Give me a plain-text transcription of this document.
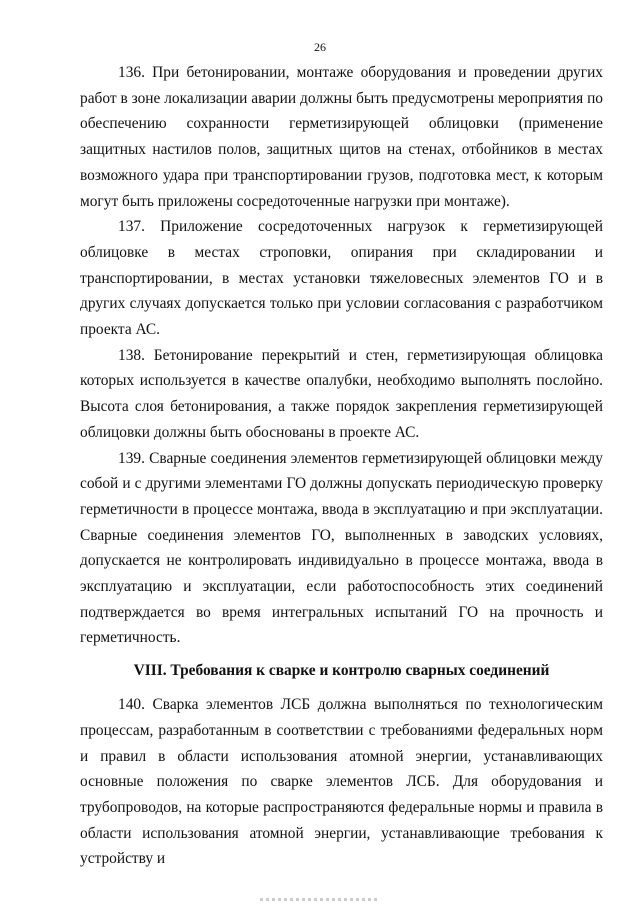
26

136. При бетонировании, монтаже оборудования и проведении других работ в зоне локализации аварии должны быть предусмотрены мероприятия по обеспечению сохранности герметизирующей облицовки (применение защитных настилов полов, защитных щитов на стенах, отбойников в местах возможного удара при транспортировании грузов, подготовка мест, к которым могут быть приложены сосредоточенные нагрузки при монтаже).

137. Приложение сосредоточенных нагрузок к герметизирующей облицовке в местах строповки, опирания при складировании и транспортировании, в местах установки тяжеловесных элементов ГО и в других случаях допускается только при условии согласования с разработчиком проекта АС.

138. Бетонирование перекрытий и стен, герметизирующая облицовка которых используется в качестве опалубки, необходимо выполнять послойно. Высота слоя бетонирования, а также порядок закрепления герметизирующей облицовки должны быть обоснованы в проекте АС.

139. Сварные соединения элементов герметизирующей облицовки между собой и с другими элементами ГО должны допускать периодическую проверку герметичности в процессе монтажа, ввода в эксплуатацию и при эксплуатации. Сварные соединения элементов ГО, выполненных в заводских условиях, допускается не контролировать индивидуально в процессе монтажа, ввода в эксплуатацию и эксплуатации, если работоспособность этих соединений подтверждается во время интегральных испытаний ГО на прочность и герметичность.

VIII. Требования к сварке и контролю сварных соединений

140. Сварка элементов ЛСБ должна выполняться по технологическим процессам, разработанным в соответствии с требованиями федеральных норм и правил в области использования атомной энергии, устанавливающих основные положения по сварке элементов ЛСБ. Для оборудования и трубопроводов, на которые распространяются федеральные нормы и правила в области использования атомной энергии, устанавливающие требования к устройству и
